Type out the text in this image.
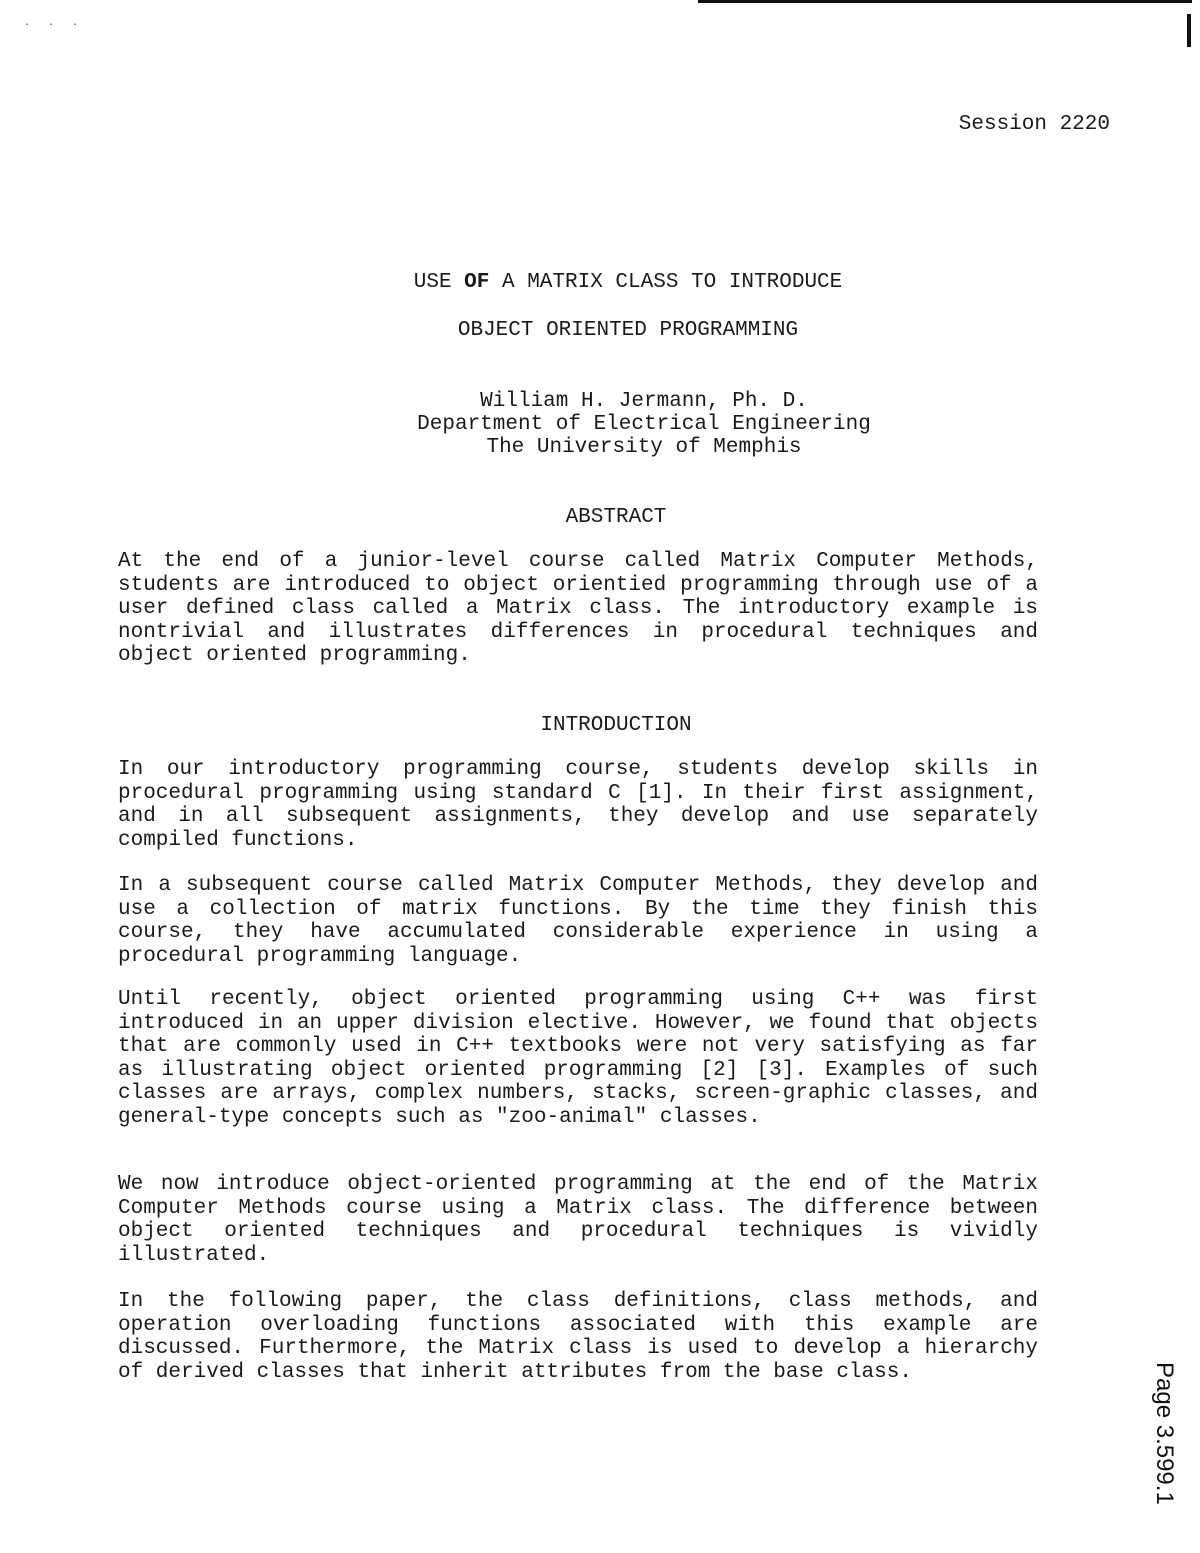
· · ·
Session 2220
USE OF A MATRIX CLASS TO INTRODUCE
OBJECT ORIENTED PROGRAMMING
William H. Jermann, Ph. D.
Department of Electrical Engineering
The University of Memphis
ABSTRACT

At the end of a junior-level course called Matrix Computer Methods, students are introduced to object orientied programming through use of a user defined class called a Matrix class. The introductory example is nontrivial and illustrates differences in procedural techniques and object oriented programming.

INTRODUCTION

In our introductory programming course, students develop skills in procedural programming using standard C [1]. In their first assignment, and in all subsequent assignments, they develop and use separately compiled functions.

In a subsequent course called Matrix Computer Methods, they develop and use a collection of matrix functions. By the time they finish this course, they have accumulated considerable experience in using a procedural programming language.

Until recently, object oriented programming using C++ was first introduced in an upper division elective. However, we found that objects that are commonly used in C++ textbooks were not very satisfying as far as illustrating object oriented programming [2] [3]. Examples of such classes are arrays, complex numbers, stacks, screen-graphic classes, and general-type concepts such as "zoo-animal" classes.

We now introduce object-oriented programming at the end of the Matrix Computer Methods course using a Matrix class. The difference between object oriented techniques and procedural techniques is vividly illustrated.

In the following paper, the class definitions, class methods, and operation overloading functions associated with this example are discussed. Furthermore, the Matrix class is used to develop a hierarchy of derived classes that inherit attributes from the base class.	Page 3.599.1
